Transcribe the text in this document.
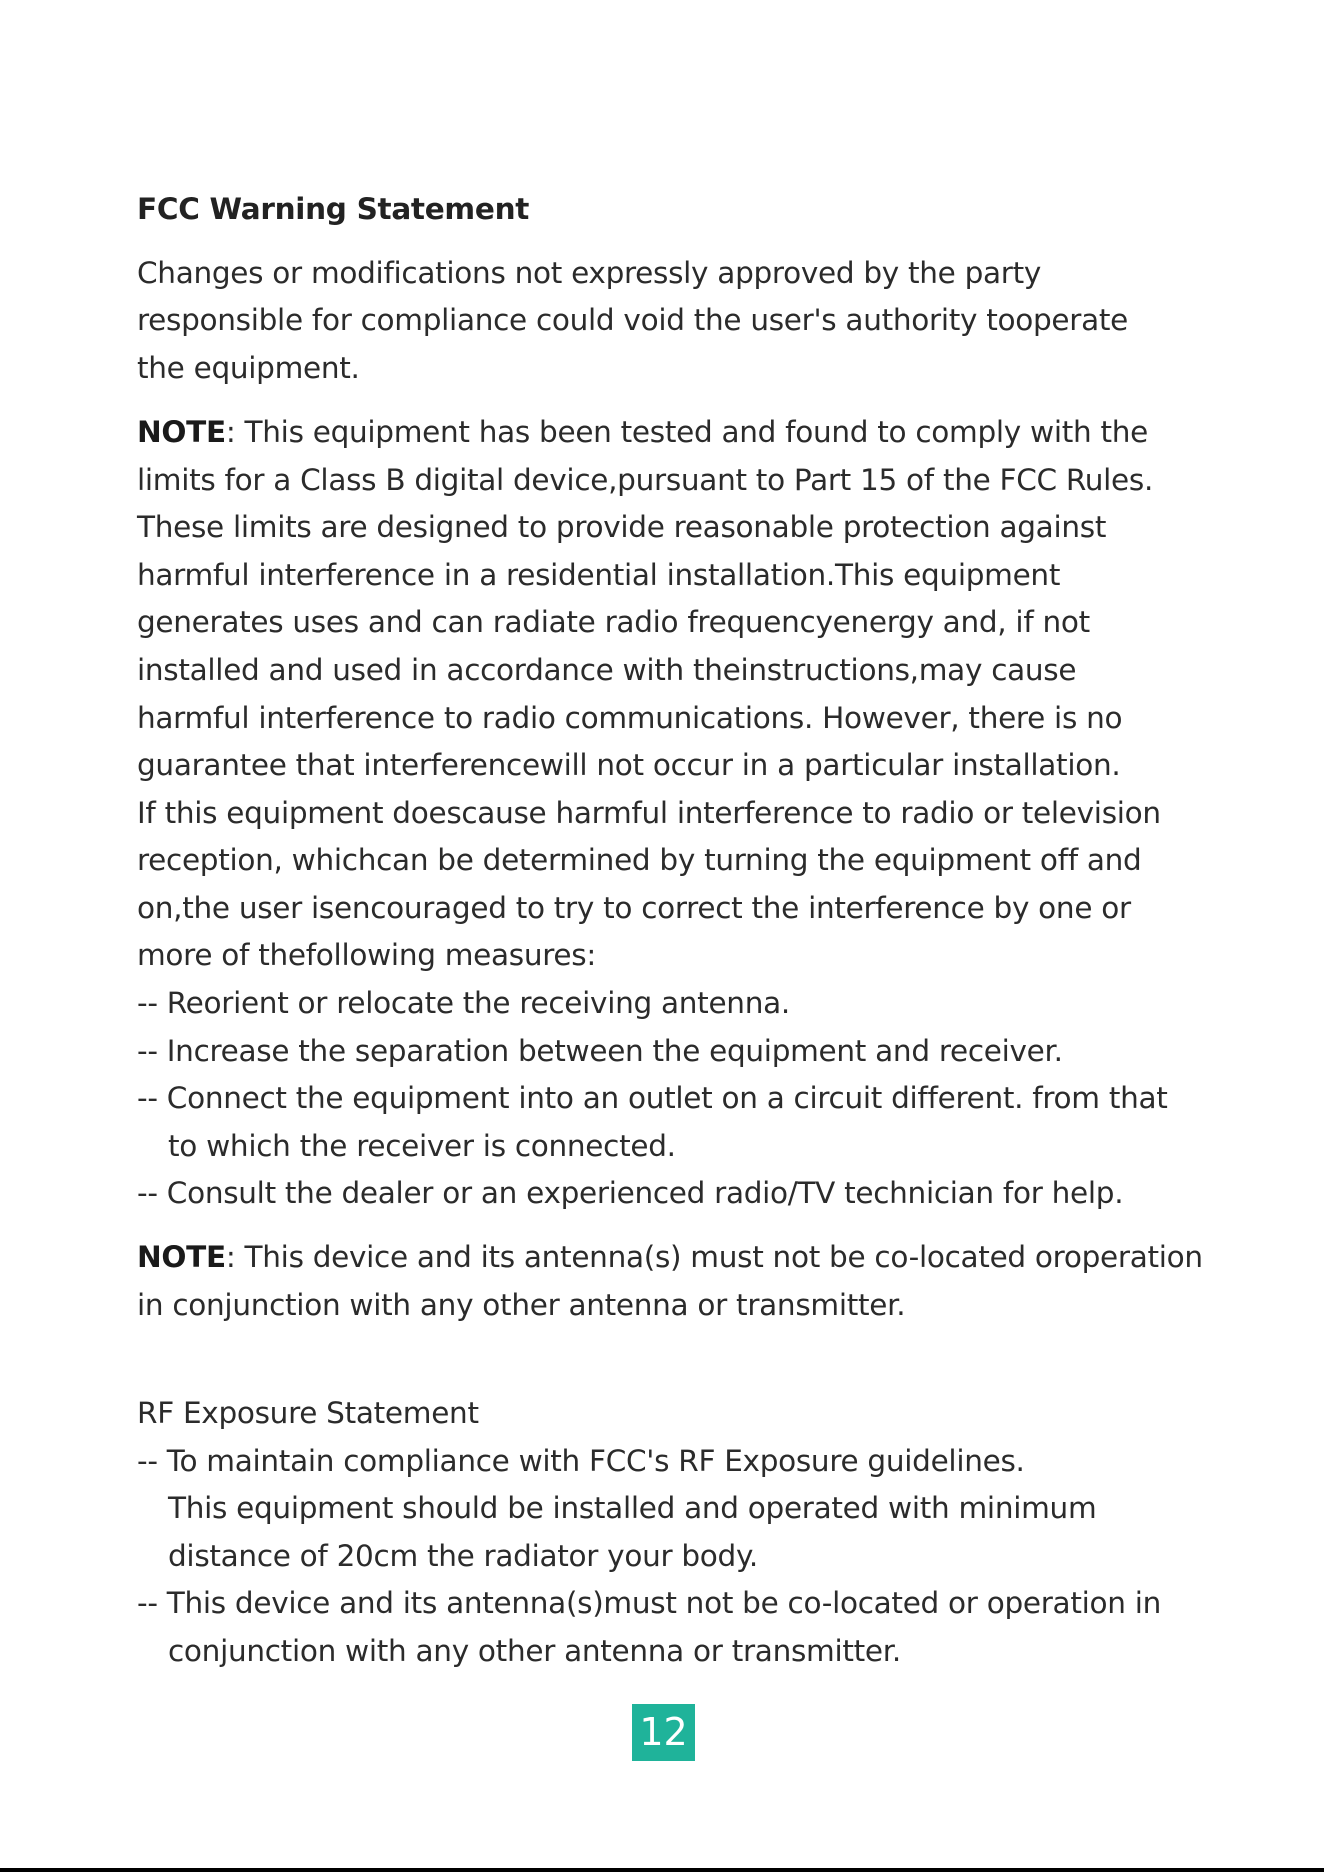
FCC Warning Statement
Changes or modifications not expressly approved by the party
responsible for compliance could void the user's authority tooperate
the equipment.
NOTE: This equipment has been tested and found to comply with the
limits for a Class B digital device,pursuant to Part 15 of the FCC Rules.
These limits are designed to provide reasonable protection against
harmful interference in a residential installation.This equipment
generates uses and can radiate radio frequencyenergy and, if not
installed and used in accordance with theinstructions,may cause
harmful interference to radio communications. However, there is no
guarantee that interferencewill not occur in a particular installation.
If this equipment doescause harmful interference to radio or television
reception, whichcan be determined by turning the equipment off and
on,the user isencouraged to try to correct the interference by one or
more of thefollowing measures:
-- Reorient or relocate the receiving antenna.
-- Increase the separation between the equipment and receiver.
-- Connect the equipment into an outlet on a circuit different. from that
to which the receiver is connected.
-- Consult the dealer or an experienced radio/TV technician for help.
NOTE: This device and its antenna(s) must not be co-located oroperation
in conjunction with any other antenna or transmitter.
RF Exposure Statement
-- To maintain compliance with FCC's RF Exposure guidelines.
This equipment should be installed and operated with minimum
distance of 20cm the radiator your body.
-- This device and its antenna(s)must not be co-located or operation in
conjunction with any other antenna or transmitter.
12
